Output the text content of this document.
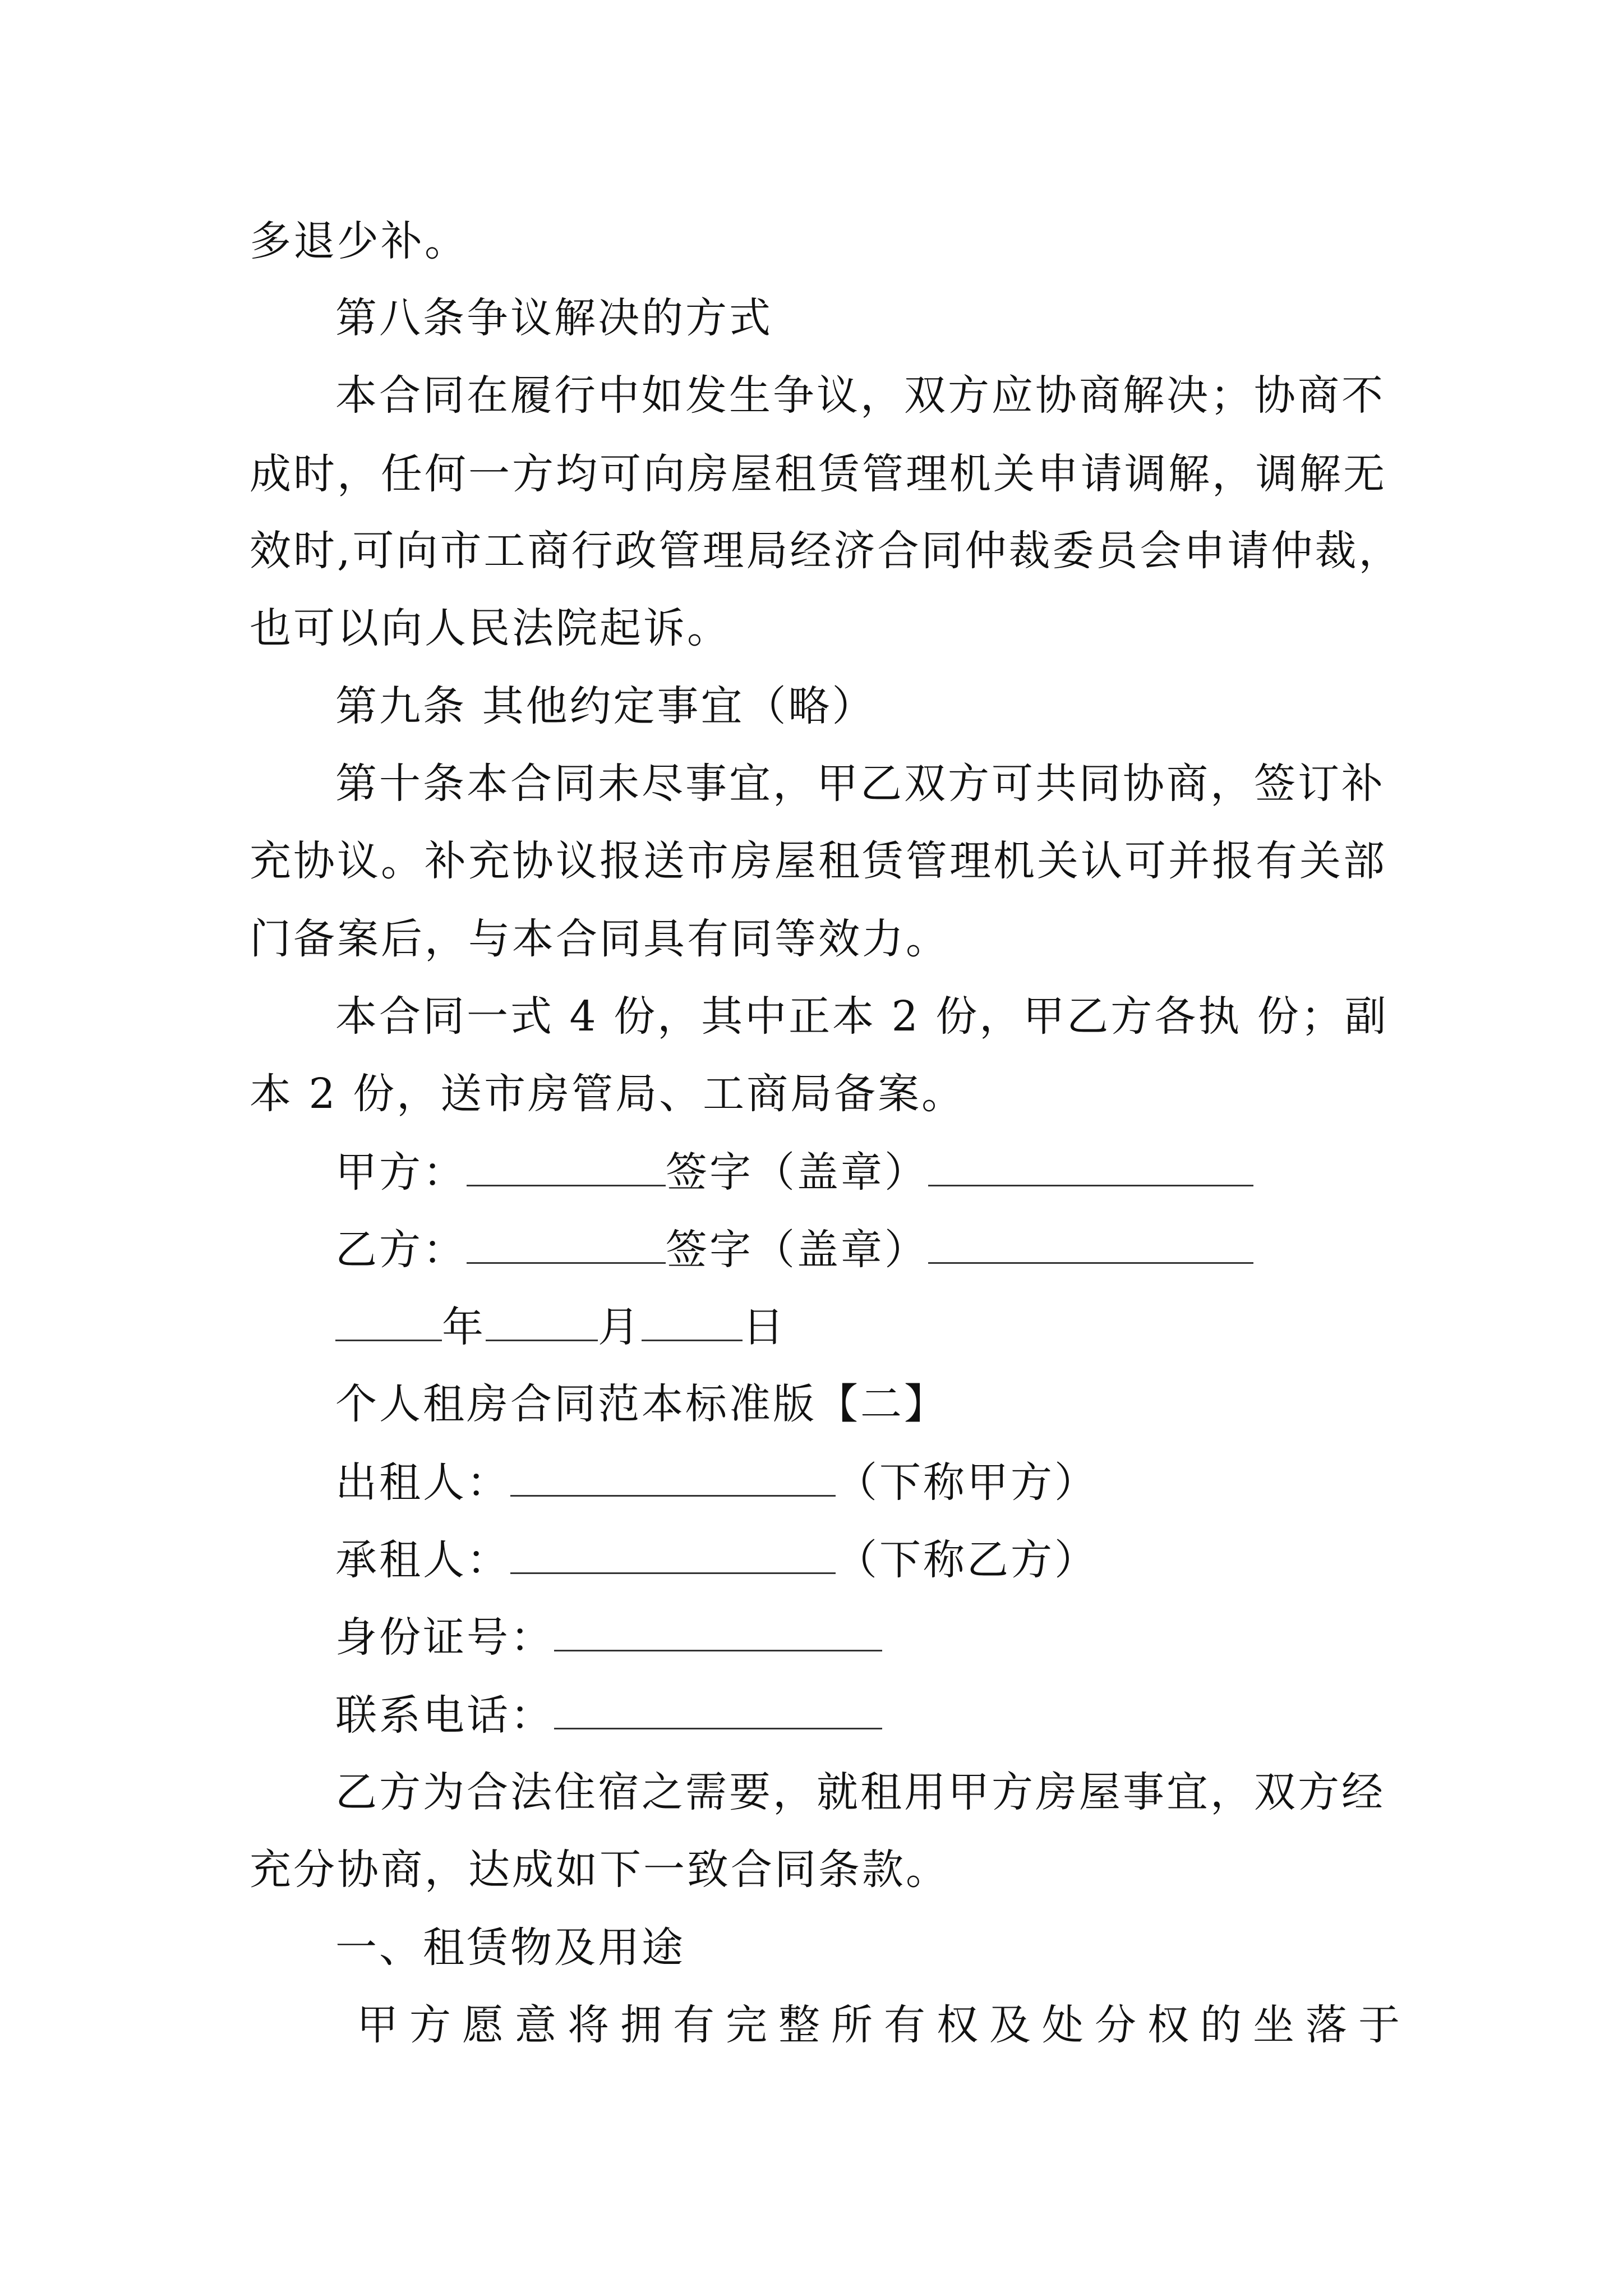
多退少补。
第八条争议解决的方式
本合同在履行中如发生争议，双方应协商解决；协商不
成时，任何一方均可向房屋租赁管理机关申请调解，调解无
效时,可向市工商行政管理局经济合同仲裁委员会申请仲裁，
也可以向人民法院起诉。
第九条 其他约定事宜（略）
第十条本合同未尽事宜，甲乙双方可共同协商，签订补
充协议。补充协议报送市房屋租赁管理机关认可并报有关部
门备案后，与本合同具有同等效力。
本合同一式 4 份，其中正本 2 份，甲乙方各执 份；副
本 2 份，送市房管局、工商局备案。
甲方：	签字（盖章）
乙方：	签字（盖章）
年	月 日
个人租房合同范本标准版【二】
出租人：	（下称甲方）
承租人：	（下称乙方）
身份证号：
联系电话：
乙方为合法住宿之需要，就租用甲方房屋事宜，双方经
充分协商，达成如下一致合同条款。
一、租赁物及用途
甲方愿意将拥有完整所有权及处分权的坐落于
